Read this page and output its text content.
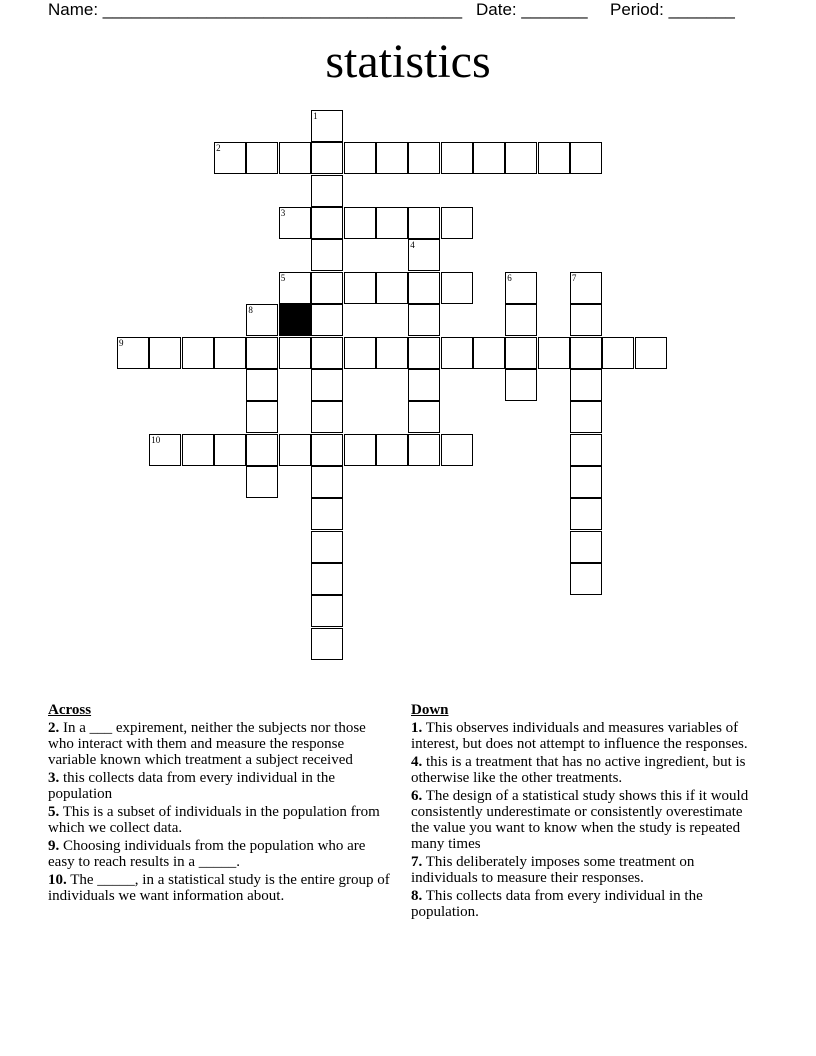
Name: ______________________________________ Date: _______ Period: _______
statistics
1
2
3
4
5	6	7
8
9
10
Across
2. In a ___ expirement, neither the subjects nor those who interact with them and measure the response variable known which treatment a subject received
3. this collects data from every individual in the population
5. This is a subset of individuals in the population from which we collect data.
9. Choosing individuals from the population who are easy to reach results in a _____.
10. The _____, in a statistical study is the entire group of individuals we want information about.
Down
1. This observes individuals and measures variables of interest, but does not attempt to influence the responses.
4. this is a treatment that has no active ingredient, but is otherwise like the other treatments.
6. The design of a statistical study shows this if it would consistently underestimate or consistently overestimate the value you want to know when the study is repeated many times
7. This deliberately imposes some treatment on individuals to measure their responses.
8. This collects data from every individual in the population.
